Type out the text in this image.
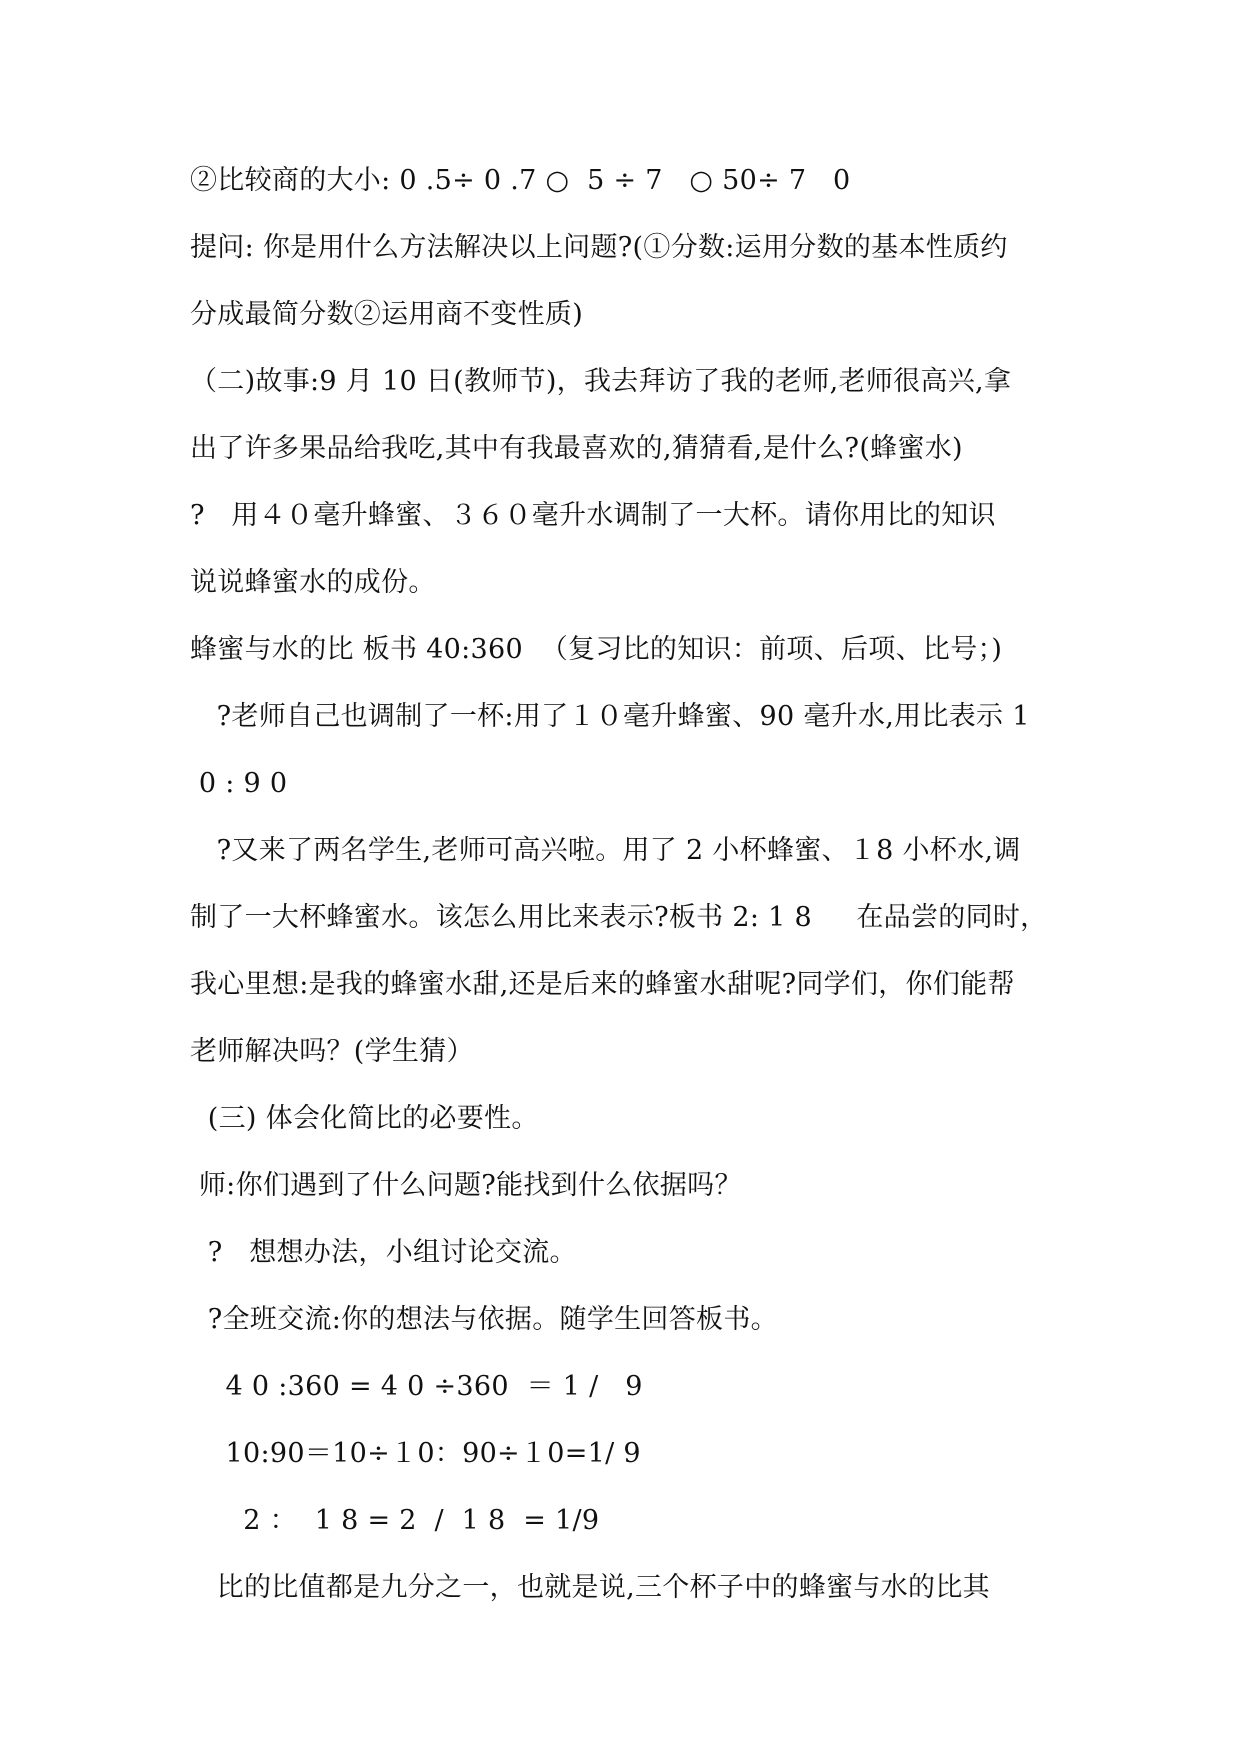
②比较商的大小: 0 .5÷ 0 .7 ○  5 ÷ 7   ○ 50÷ 7   0
提问: 你是用什么方法解决以上问题?(①分数:运用分数的基本性质约
分成最简分数②运用商不变性质)
（二)故事:9 月 10 日(教师节)，我去拜访了我的老师,老师很高兴,拿
出了许多果品给我吃,其中有我最喜欢的,猜猜看,是什么?(蜂蜜水)
?   用４０毫升蜂蜜、３６０毫升水调制了一大杯。请你用比的知识
说说蜂蜜水的成份。
蜂蜜与水的比 板书 40:360  （复习比的知识：前项、后项、比号；)
?老师自己也调制了一杯:用了１０毫升蜂蜜、90 毫升水,用比表示 1
0 : 9 0
?又来了两名学生,老师可高兴啦。用了 2 小杯蜂蜜、１8 小杯水,调
制了一大杯蜂蜜水。该怎么用比来表示?板书 2: 1 8     在品尝的同时，
我心里想:是我的蜂蜜水甜,还是后来的蜂蜜水甜呢?同学们，你们能帮
老师解决吗？(学生猜）
(三) 体会化简比的必要性。
师:你们遇到了什么问题?能找到什么依据吗？
?   想想办法，小组讨论交流。
?全班交流:你的想法与依据。随学生回答板书。
4 0 :360 = 4 0 ÷360  ＝ 1 /   9
10:90＝10÷１0：90÷１0=1/ 9
2 ：  1 8 = 2  /  1 8  = 1/9
比的比值都是九分之一，也就是说,三个杯子中的蜂蜜与水的比其
